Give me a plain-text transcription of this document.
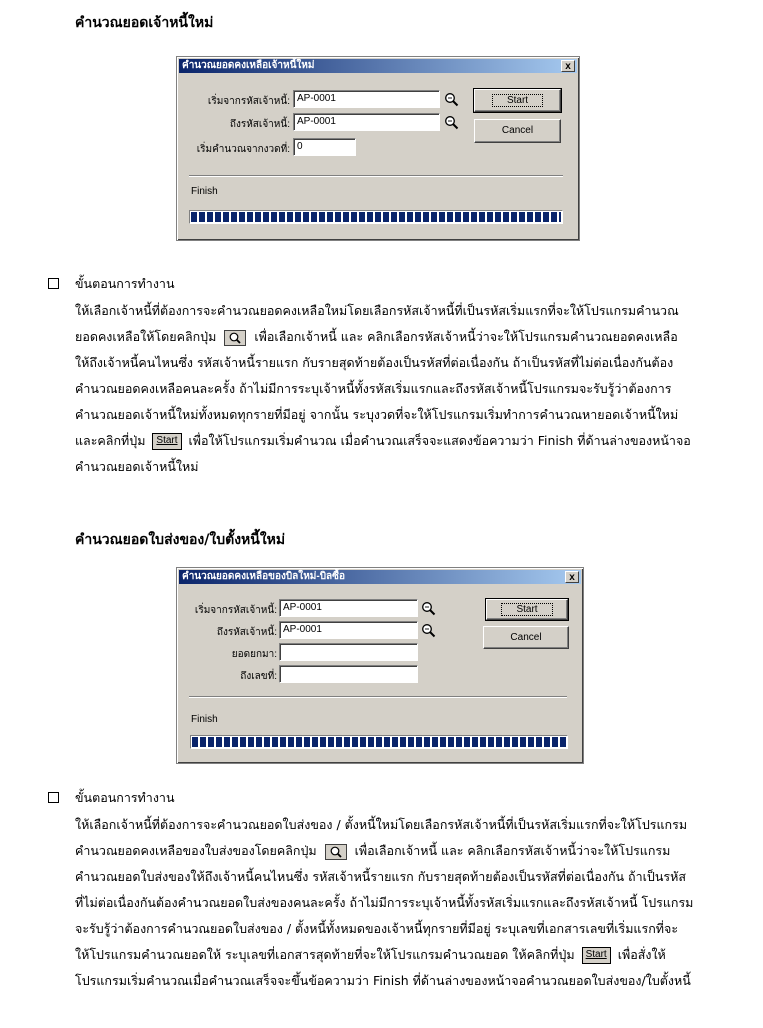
คำนวณยอดเจ้าหนี้ใหม่
คำนวณยอดคงเหลือเจ้าหนี้ใหม่	x
เริ่มจากรหัสเจ้าหนี้: AP-0001
ถึงรหัสเจ้าหนี้: AP-0001
เริ่มคำนวณจากงวดที่: 0
Start
Cancel
Finish
ขั้นตอนการทำงาน
ให้เลือกเจ้าหนี้ที่ต้องการจะคำนวณยอดคงเหลือใหม่โดยเลือกรหัสเจ้าหนี้ที่เป็นรหัสเริ่มแรกที่จะให้โปรแกรมคำนวณ
ยอดคงเหลือให้โดยคลิกปุ่ม	เพื่อเลือกเจ้าหนี้ และ คลิกเลือกรหัสเจ้าหนี้ว่าจะให้โปรแกรมคำนวณยอดคงเหลือ
ให้ถึงเจ้าหนี้คนไหนซึ่ง รหัสเจ้าหนี้รายแรก กับรายสุดท้ายต้องเป็นรหัสที่ต่อเนื่องกัน ถ้าเป็นรหัสที่ไม่ต่อเนื่องกันต้อง
คำนวณยอดคงเหลือคนละครั้ง ถ้าไม่มีการระบุเจ้าหนี้ทั้งรหัสเริ่มแรกและถึงรหัสเจ้าหนี้โปรแกรมจะรับรู้ว่าต้องการ
คำนวณยอดเจ้าหนี้ใหม่ทั้งหมดทุกรายที่มีอยู่ จากนั้น ระบุงวดที่จะให้โปรแกรมเริ่มทำการคำนวณหายอดเจ้าหนี้ใหม่
และคลิกที่ปุ่ม Start เพื่อให้โปรแกรมเริ่มคำนวณ เมื่อคำนวณเสร็จจะแสดงข้อความว่า Finish ที่ด้านล่างของหน้าจอ
คำนวณยอดเจ้าหนี้ใหม่
คำนวณยอดใบส่งของ/ใบตั้งหนี้ใหม่
คำนวณยอดคงเหลือของบิลใหม่-บิลซื้อ	x
เริ่มจากรหัสเจ้าหนี้: AP-0001
ถึงรหัสเจ้าหนี้: AP-0001
ยอดยกมา:
ถึงเลขที่:
Start
Cancel
Finish
ขั้นตอนการทำงาน
ให้เลือกเจ้าหนี้ที่ต้องการจะคำนวณยอดใบส่งของ / ตั้งหนี้ใหม่โดยเลือกรหัสเจ้าหนี้ที่เป็นรหัสเริ่มแรกที่จะให้โปรแกรม
คำนวณยอดคงเหลือของใบส่งของโดยคลิกปุ่ม	เพื่อเลือกเจ้าหนี้ และ คลิกเลือกรหัสเจ้าหนี้ว่าจะให้โปรแกรม
คำนวณยอดใบส่งของให้ถึงเจ้าหนี้คนไหนซึ่ง รหัสเจ้าหนี้รายแรก กับรายสุดท้ายต้องเป็นรหัสที่ต่อเนื่องกัน ถ้าเป็นรหัส
ที่ไม่ต่อเนื่องกันต้องคำนวณยอดใบส่งของคนละครั้ง ถ้าไม่มีการระบุเจ้าหนี้ทั้งรหัสเริ่มแรกและถึงรหัสเจ้าหนี้ โปรแกรม
จะรับรู้ว่าต้องการคำนวณยอดใบส่งของ / ตั้งหนี้ทั้งหมดของเจ้าหนี้ทุกรายที่มีอยู่ ระบุเลขที่เอกสารเลขที่เริ่มแรกที่จะ
ให้โปรแกรมคำนวณยอดให้ ระบุเลขที่เอกสารสุดท้ายที่จะให้โปรแกรมคำนวณยอด ให้คลิกที่ปุ่ม Start เพื่อสั่งให้
โปรแกรมเริ่มคำนวณเมื่อคำนวณเสร็จจะขึ้นข้อความว่า Finish ที่ด้านล่างของหน้าจอคำนวณยอดใบส่งของ/ใบตั้งหนี้
